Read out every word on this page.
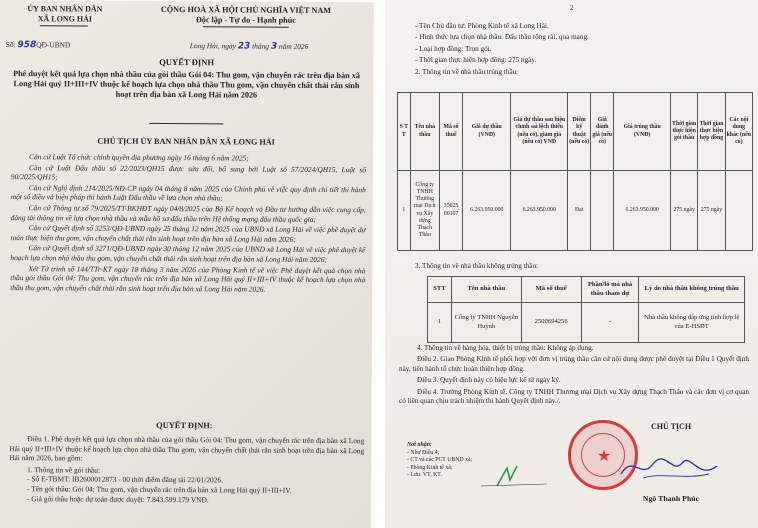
ỦY BAN NHÂN DÂN
XÃ LONG HẢI
Số: 958QĐ-UBND
CỘNG HOÀ XÃ HỘI CHỦ NGHĨA VIỆT NAM
Độc lập - Tự do - Hạnh phúc
Long Hải, ngày 23 tháng 3 năm 2026
QUYẾT ĐỊNH
Phê duyệt kết quả lựa chọn nhà thầu của gói thầu Gói 04: Thu gom, vận chuyển rác trên địa bàn xã Long Hải quý II+III+IV thuộc kế hoạch lựa chọn nhà thầu Thu gom, vận chuyển chất thải rắn sinh hoạt trên địa bàn xã Long Hải năm 2026
CHỦ TỊCH ỦY BAN NHÂN DÂN XÃ LONG HẢI

Căn cứ Luật Tổ chức chính quyền địa phương ngày 16 tháng 6 năm 2025;

Căn cứ Luật Đấu thầu số 22/2023/QH15 được sửa đổi, bổ sung bởi Luật số 57/2024/QH15, Luật số 90/2025/QH15;

Căn cứ Nghị định 214/2025/NĐ-CP ngày 04 tháng 8 năm 2025 của Chính phủ về việc quy định chi tiết thi hành một số điều và biện pháp thi hành Luật Đấu thầu về lựa chọn nhà thầu;

Căn cứ Thông tư số 79/2025/TT-BKHĐT ngày 04/8/2025 của Bộ Kế hoạch và Đầu tư hướng dẫn việc cung cấp, đăng tải thông tin về lựa chọn nhà thầu và mẫu hồ sơ đấu thầu trên Hệ thống mạng đấu thầu quốc gia;

Căn cứ Quyết định số 3253/QĐ-UBND ngày 25 tháng 12 năm 2025 của UBND xã Long Hải về việc phê duyệt dự toán thực hiện thu gom, vận chuyển chất thải rắn sinh hoạt trên địa bàn xã Long Hải năm 2026;

Căn cứ Quyết định số 3271/QĐ-UBND ngày 30 tháng 12 năm 2025 của UBND xã Long Hải về việc phê duyệt kế hoạch lựa chọn nhà thầu thu gom, vận chuyển chất thải rắn sinh hoạt trên địa bàn xã Long Hải năm 2026;

Xét Tờ trình số 144/TTr-KT ngày 18 tháng 3 năm 2026 của Phòng Kinh tế về việc Phê duyệt kết quả chọn nhà thầu gói thầu Gói 04: Thu gom, vận chuyển rác trên địa bàn xã Long Hải quý II+III+IV thuộc kế hoạch lựa chọn nhà thầu thu gom, vận chuyển chất thải rắn sinh hoạt trên địa bàn xã Long Hải năm 2026.

QUYẾT ĐỊNH:

Điều 1. Phê duyệt kết quả lựa chọn nhà thầu của gói thầu Gói 04: Thu gom, vận chuyển rác trên địa bàn xã Long Hải quý II+III+IV thuộc kế hoạch lựa chọn nhà thầu Thu gom, vận chuyển chất thải rắn sinh hoạt trên địa bàn xã Long Hải năm 2026, bao gồm:

1. Thông tin về gói thầu:

- Số E-TBMT: IB2600012873 - 00 thời điểm đăng tải 22/01/2026.

- Tên gói thầu: Gói 04: Thu gom, vận chuyển rác trên địa bàn xã Long Hải quý II+III+IV.

- Giá gói thầu hoặc dự toán được duyệt: 7.843.599.179 VNĐ.

2

- Tên Chủ đầu tư: Phòng Kinh tế xã Long Hải.

- Hình thức lựa chọn nhà thầu: Đấu thầu rộng rãi, qua mạng.

- Loại hợp đồng: Trọn gói.

- Thời gian thực hiện hợp đồng: 275 ngày.

2. Thông tin về nhà thầu trúng thầu:

S T T	Tên nhà thầu	Mã số thuế	Giá dự thầu (VNĐ)	Giá dự thầu sau hiệu chỉnh sai lệch thiếu (nếu có), giảm giá (nếu có) VNĐ	Điểm kỹ thuật (nếu có)	Giá đánh giá (nếu có)	Giá trúng thầu (VNĐ)	Thời gian thực hiện gói thầu	Thời gian thực hiện hợp đồng	Các nội dung khác (nếu có)
1	Công ty TNHH Thương mại Dịch vụ Xây dựng Thạch Thảo	35025 00107	6.263.950.000	6.263.950.000	Đạt		6.263.950.000	275 ngày	275 ngày	
3. Thông tin về nhà thầu không trúng thầu:
STT	Tên nhà thầu	Mã số thuế	Phần/lô mà nhà thầu tham dự	Lý do nhà thầu không trúng thầu
1	Công ty TNHH Nguyễn Huỳnh	2500694256	-	Nhà thầu không đáp ứng tính hợp lệ của E-HSDT

4. Thông tin về hàng hóa, thiết bị trúng thầu: Không áp dụng.

Điều 2. Giao Phòng Kinh tế phối hợp với đơn vị trúng thầu căn cứ nội dung được phê duyệt tại Điều 1 Quyết định này, tiến hành tổ chức hoàn thiện hợp đồng.

Điều 3. Quyết định này có hiệu lực kể từ ngày ký.

Điều 4. Trưởng Phòng Kinh tế, Công ty TNHH Thương mại Dịch vụ Xây dựng Thạch Thảo và các đơn vị cơ quan có liên quan chịu trách nhiệm thi hành Quyết định này./.

Nơi nhận:

- Như Điều 4;

- CT và các PCT UBND xã;

- Phòng Kinh tế xã;

- Lưu: VT, KT.

CHỦ TỊCH
★
Ngô Thanh Phúc
